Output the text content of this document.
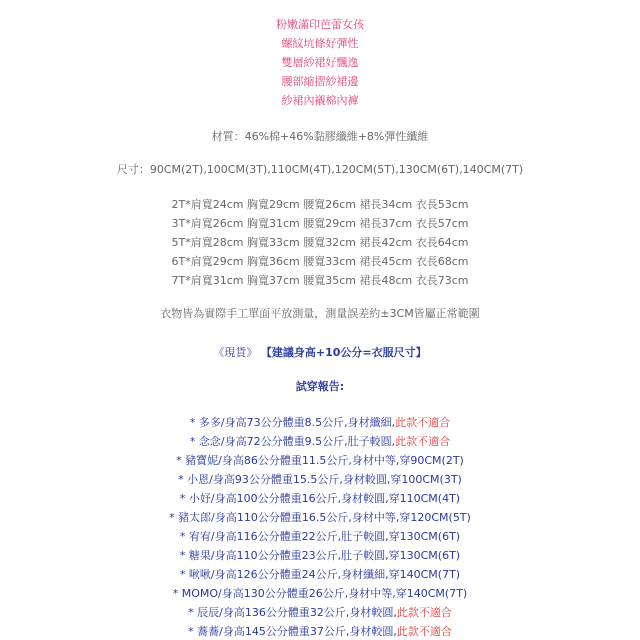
粉嫩滿印芭蕾女孩
螺紋坑條好彈性
雙層紗裙好飄逸
腰部縮摺紗裙邊
紗裙內襯棉內褲
材質：46%棉+46%黏膠纖維+8%彈性纖維
尺寸：90CM(2T),100CM(3T),110CM(4T),120CM(5T),130CM(6T),140CM(7T)
2T*肩寬24cm 胸寬29cm 腰寬26cm 裙長34cm 衣長53cm
3T*肩寬26cm 胸寬31cm 腰寬29cm 裙長37cm 衣長57cm
5T*肩寬28cm 胸寬33cm 腰寬32cm 裙長42cm 衣長64cm
6T*肩寬29cm 胸寬36cm 腰寬33cm 裙長45cm 衣長68cm
7T*肩寬31cm 胸寬37cm 腰寬35cm 裙長48cm 衣長73cm
衣物皆為實際手工單面平放測量，測量誤差約±3CM皆屬正常範圍
《現貨》 【建議身高+10公分=衣服尺寸】
試穿報告:
* 多多/身高73公分體重8.5公斤,身材纖細,此款不適合
* 念念/身高72公分體重9.5公斤,肚子較圓,此款不適合
* 豬寶妮/身高86公分體重11.5公斤,身材中等,穿90CM(2T)
* 小恩/身高93公分體重15.5公斤,身材較圓,穿100CM(3T)
* 小妤/身高100公分體重16公斤,身材較圓,穿110CM(4T)
* 豬太郎/身高110公分體重16.5公斤,身材中等,穿120CM(5T)
* 宥宥/身高116公分體重22公斤,肚子較圓,穿130CM(6T)
* 糖果/身高110公分體重23公斤,肚子較圓,穿130CM(6T)
* 啾啾/身高126公分體重24公斤,身材纖細,穿140CM(7T)
* MOMO/身高130公分體重26公斤,身材中等,穿140CM(7T)
* 辰辰/身高136公分體重32公斤,身材較圓,此款不適合
* 蕎蕎/身高145公分體重37公斤,身材較圓,此款不適合
